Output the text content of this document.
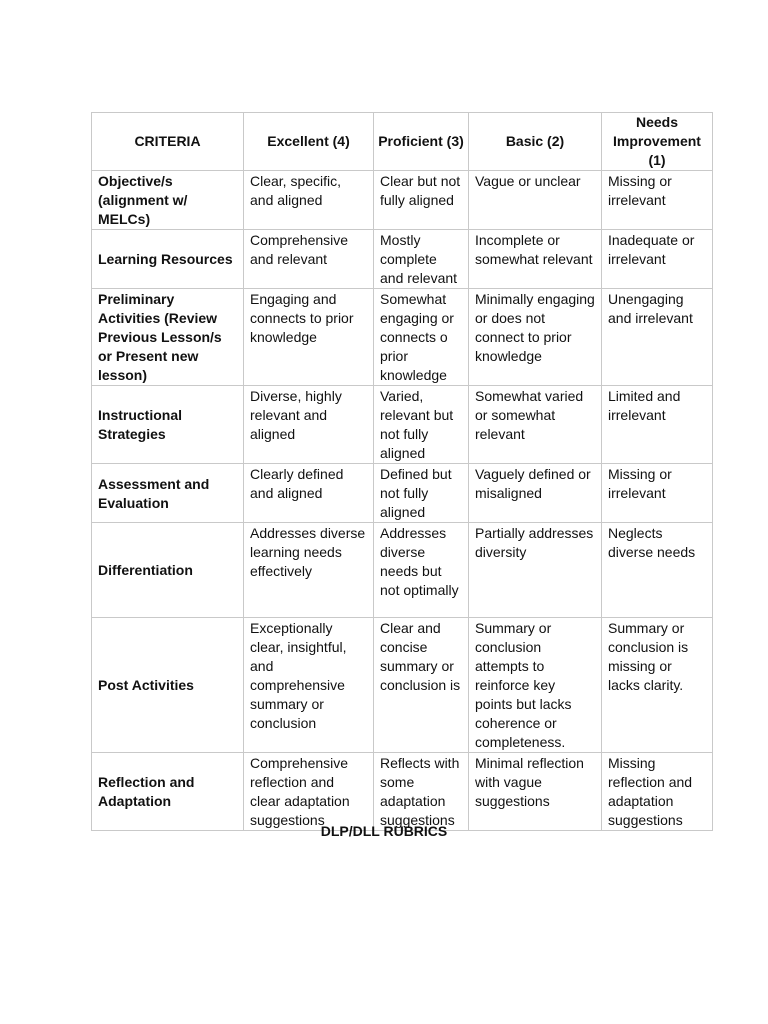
CRITERIA	Excellent (4)	Proficient (3)	Basic (2)	Needs Improvement (1)
Objective/s (alignment w/ MELCs)	Clear, specific, and aligned	Clear but not fully aligned	Vague or unclear	Missing or irrelevant
Learning Resources	Comprehensive and relevant	Mostly complete and relevant	Incomplete or somewhat relevant	Inadequate or irrelevant
Preliminary Activities (Review Previous Lesson/s or Present new lesson)	Engaging and connects to prior knowledge	Somewhat engaging or connects o prior knowledge	Minimally engaging or does not connect to prior knowledge	Unengaging and irrelevant
Instructional Strategies	Diverse, highly relevant and aligned	Varied, relevant but not fully aligned	Somewhat varied or somewhat relevant	Limited and irrelevant
Assessment and Evaluation	Clearly defined and aligned	Defined but not fully aligned	Vaguely defined or misaligned	Missing or irrelevant
Differentiation	Addresses diverse learning needs effectively	Addresses diverse needs but not optimally	Partially addresses diversity	Neglects diverse needs
Post Activities	Exceptionally clear, insightful, and comprehensive summary or conclusion	Clear and concise summary or conclusion is	Summary or conclusion attempts to reinforce key points but lacks coherence or completeness.	Summary or conclusion is missing or lacks clarity.
Reflection and Adaptation	Comprehensive reflection and clear adaptation suggestions	Reflects with some adaptation suggestions	Minimal reflection with vague suggestions	Missing reflection and adaptation suggestions
DLP/DLL RUBRICS
